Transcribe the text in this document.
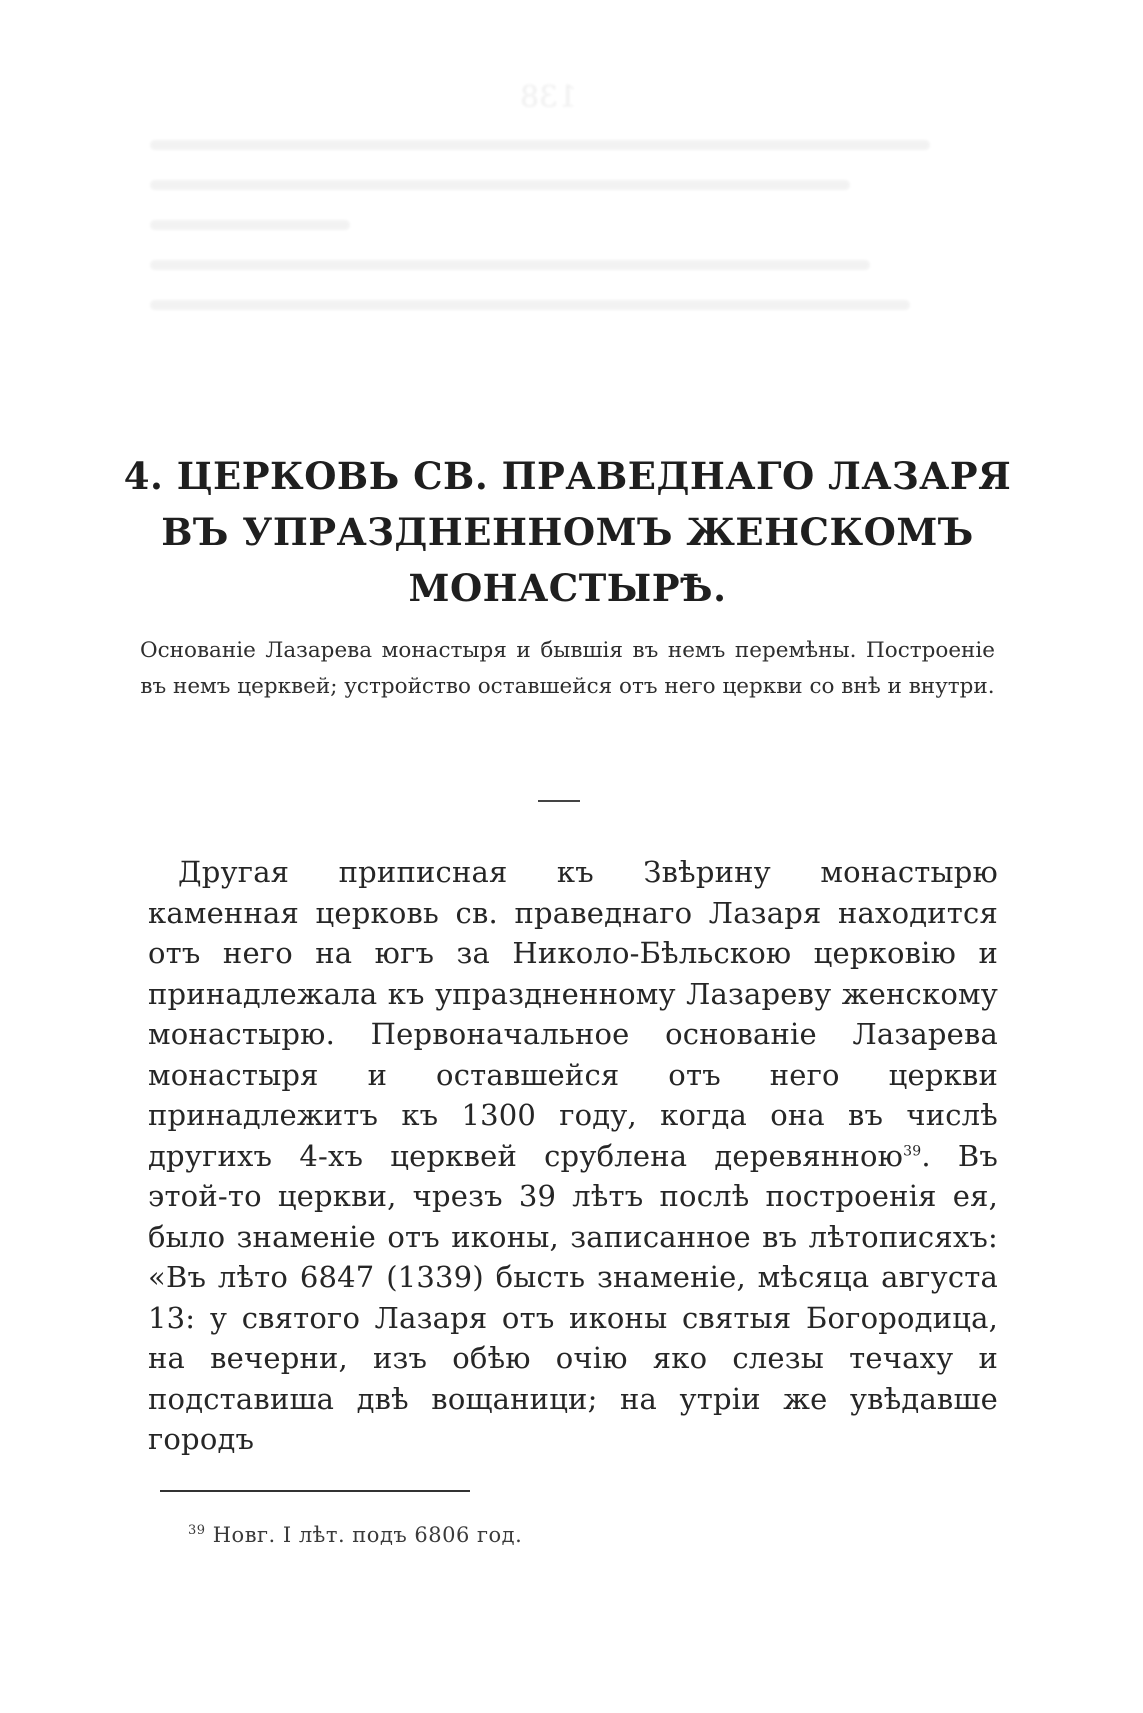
138
4. ЦЕРКОВЬ СВ. ПРАВЕДНАГО ЛАЗАРЯ ВЪ УПРАЗДНЕННОМЪ ЖЕНСКОМЪ МОНАСТЫРѢ.

Основаніе Лазарева монастыря и бывшія въ немъ перемѣны. Построеніе въ немъ церквей; устройство оставшейся отъ него церкви со внѣ и внутри.

Другая приписная къ Звѣрину монастырю каменная церковь св. праведнаго Лазаря находится отъ него на югъ за Николо-Бѣльскою церковію и принадлежала къ упраздненному Лазареву женскому монастырю. Первоначальное основаніе Лазарева монастыря и оставшейся отъ него церкви принадлежитъ къ 1300 году, когда она въ числѣ другихъ 4-хъ церквей срублена деревянною$^{39}$. Въ этой-то церкви, чрезъ 39 лѣтъ послѣ построенія ея, было знаменіе отъ иконы, записанное въ лѣтописяхъ: «Въ лѣто 6847 (1339) бысть знаменіе, мѣсяца августа 13: у святого Лазаря отъ иконы святыя Богородица, на вечерни, изъ обѣю очію яко слезы течаху и подставиша двѣ вощаници; на утріи же увѣдавше городъ

$^{39}$ Новг. I лѣт. подъ 6806 год.
